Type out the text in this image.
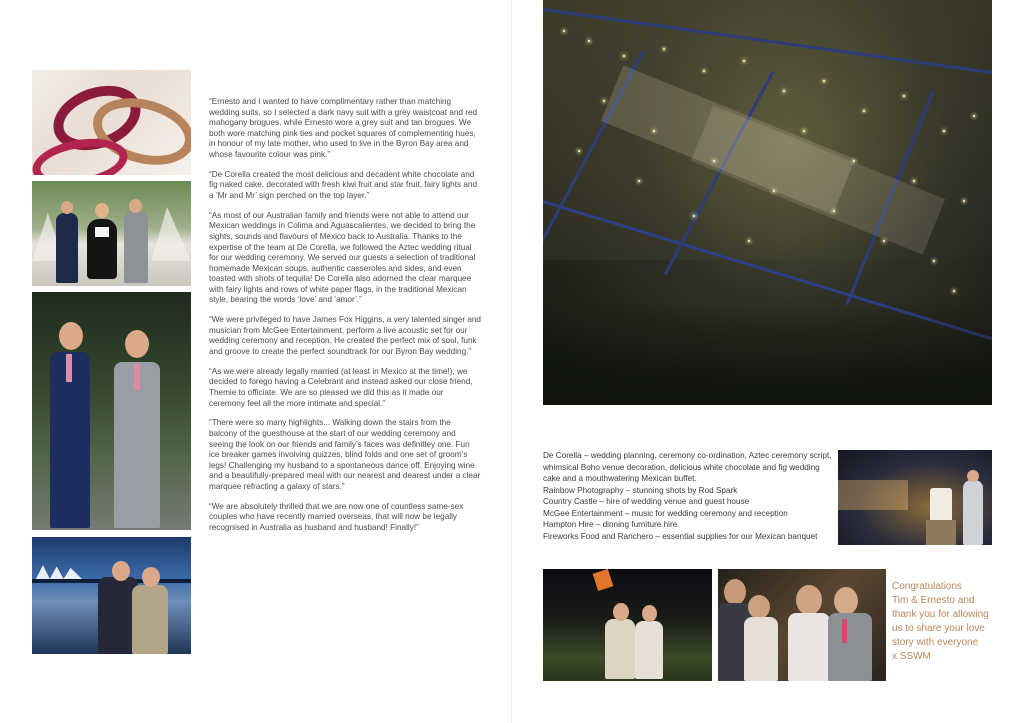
“Ernesto and I wanted to have complimentary rather than matching wedding suits, so I selected a dark navy suit with a grey waistcoat and red mahogany brogues, while Ernesto wore a grey suit and tan brogues. We both wore matching pink ties and pocket squares of complementing hues, in honour of my late mother, who used to live in the Byron Bay area and whose favourite colour was pink.”

“De Corella created the most delicious and decadent white chocolate and fig naked cake, decorated with fresh kiwi fruit and star fruit, fairy lights and a ‘Mr and Mr’ sign perched on the top layer.”

“As most of our Australian family and friends were not able to attend our Mexican weddings in Colima and Aguascalientes, we decided to bring the sights, sounds and flavours of Mexico back to Australia. Thanks to the expertise of the team at De Corella, we followed the Aztec wedding ritual for our wedding ceremony. We served our guests a selection of traditional homemade Mexican soups, authentic casseroles and sides, and even toasted with shots of tequila! De Corella also adorned the clear marquee with fairy lights and rows of white paper flags, in the traditional Mexican style, bearing the words ‘love’ and ‘amor’.”

“We were privileged to have James Fox Higgins, a very talented singer and musician from McGee Entertainment, perform a live acoustic set for our wedding ceremony and reception. He created the perfect mix of soul, funk and groove to create the perfect soundtrack for our Byron Bay wedding.”

“As we were already legally married (at least in Mexico at the time!), we decided to forego having a Celebrant and instead asked our close friend, Themie to officiate. We are so pleased we did this as it made our ceremony feel all the more intimate and special.”

“There were so many highlights... Walking down the stairs from the balcony of the guesthouse at the start of our wedding ceremony and seeing the look on our friends and family’s faces was definitley one. Fun ice breaker games involving quizzes, blind folds and one set of groom’s legs! Challenging my husband to a spontaneous dance off. Enjoying wine and a beautifully-prepared meal with our nearest and dearest under a clear marquee refracting a galaxy of stars.”

“We are absolutely thrilled that we are now one of countless same-sex couples who have recently married overseas, that will now be legally recognised in Australia as husband and husband! Finally!”

De Corella – wedding planning, ceremony co-ordination, Aztec ceremony script, whimsical Boho venue decoration, delicious white chocolate and fig wedding cake and a mouthwatering Mexican buffet.
Rainbow Photography – stunning shots by Rod Spark
Country Castle – hire of wedding venue and guest house
McGee Entertainment – music for wedding ceremony and reception
Hampton Hire – dinning furniture hire
Fireworks Food and Ranchero – essential supplies for our Mexican banquet
Congratulations
Tim & Ernesto and
thank you for allowing
us to share your love
story with everyone
x SSWM
